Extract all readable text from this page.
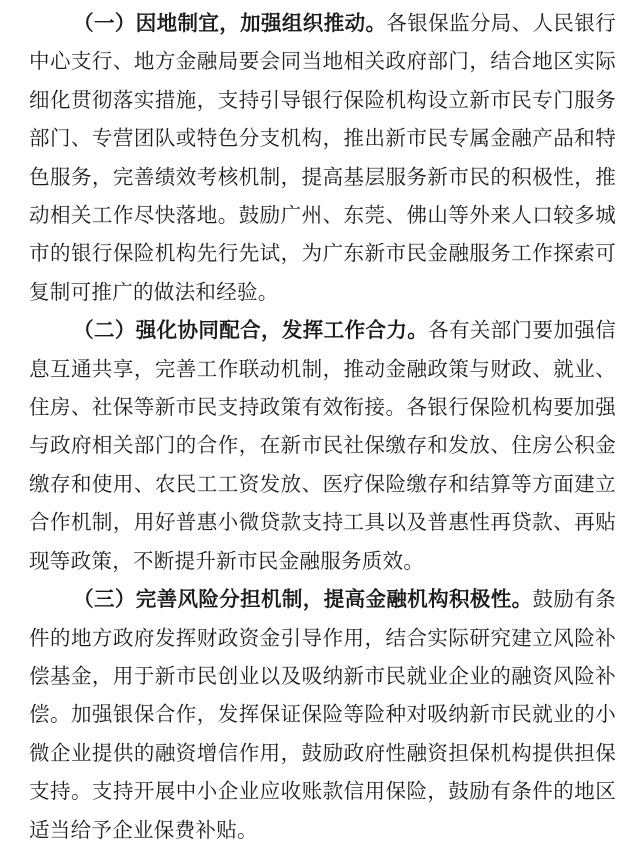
（一）因地制宜，加强组织推动。各银保监分局、人民银行中心支行、地方金融局要会同当地相关政府部门，结合地区实际细化贯彻落实措施，支持引导银行保险机构设立新市民专门服务部门、专营团队或特色分支机构，推出新市民专属金融产品和特色服务，完善绩效考核机制，提高基层服务新市民的积极性，推动相关工作尽快落地。鼓励广州、东莞、佛山等外来人口较多城市的银行保险机构先行先试，为广东新市民金融服务工作探索可复制可推广的做法和经验。

（二）强化协同配合，发挥工作合力。各有关部门要加强信息互通共享，完善工作联动机制，推动金融政策与财政、就业、住房、社保等新市民支持政策有效衔接。各银行保险机构要加强与政府相关部门的合作，在新市民社保缴存和发放、住房公积金缴存和使用、农民工工资发放、医疗保险缴存和结算等方面建立合作机制，用好普惠小微贷款支持工具以及普惠性再贷款、再贴现等政策，不断提升新市民金融服务质效。

（三）完善风险分担机制，提高金融机构积极性。鼓励有条件的地方政府发挥财政资金引导作用，结合实际研究建立风险补偿基金，用于新市民创业以及吸纳新市民就业企业的融资风险补偿。加强银保合作，发挥保证保险等险种对吸纳新市民就业的小微企业提供的融资增信作用，鼓励政府性融资担保机构提供担保支持。支持开展中小企业应收账款信用保险，鼓励有条件的地区适当给予企业保费补贴。
